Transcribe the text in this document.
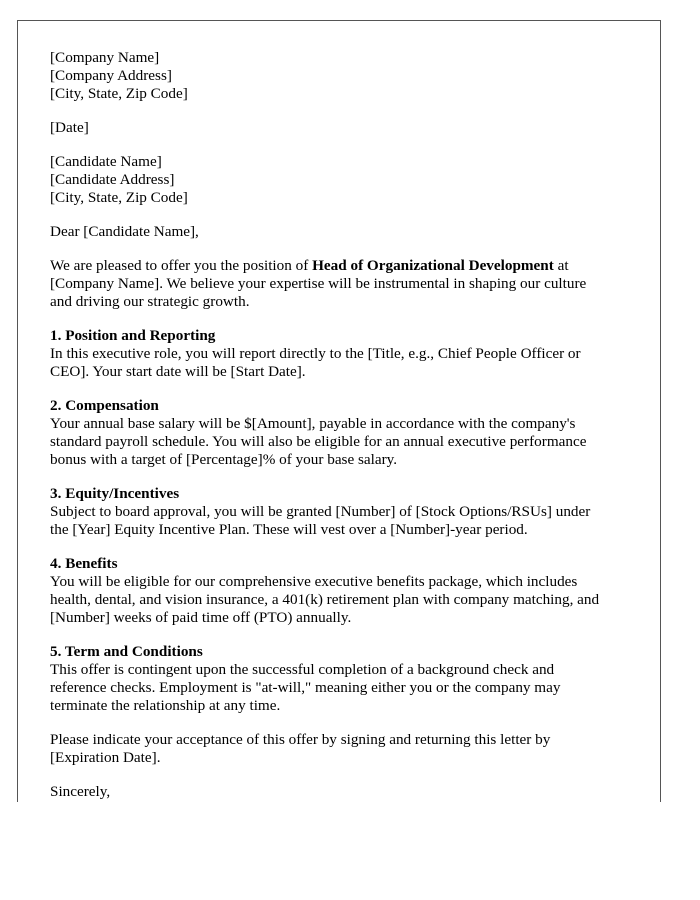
[Company Name]
[Company Address]
[City, State, Zip Code]
[Date]
[Candidate Name]
[Candidate Address]
[City, State, Zip Code]
Dear [Candidate Name],
We are pleased to offer you the position of Head of Organizational Development at
[Company Name]. We believe your expertise will be instrumental in shaping our culture
and driving our strategic growth.
1. Position and Reporting
In this executive role, you will report directly to the [Title, e.g., Chief People Officer or
CEO]. Your start date will be [Start Date].
2. Compensation
Your annual base salary will be $[Amount], payable in accordance with the company's
standard payroll schedule. You will also be eligible for an annual executive performance
bonus with a target of [Percentage]% of your base salary.
3. Equity/Incentives
Subject to board approval, you will be granted [Number] of [Stock Options/RSUs] under
the [Year] Equity Incentive Plan. These will vest over a [Number]-year period.
4. Benefits
You will be eligible for our comprehensive executive benefits package, which includes
health, dental, and vision insurance, a 401(k) retirement plan with company matching, and
[Number] weeks of paid time off (PTO) annually.
5. Term and Conditions
This offer is contingent upon the successful completion of a background check and
reference checks. Employment is "at-will," meaning either you or the company may
terminate the relationship at any time.
Please indicate your acceptance of this offer by signing and returning this letter by
[Expiration Date].
Sincerely,
